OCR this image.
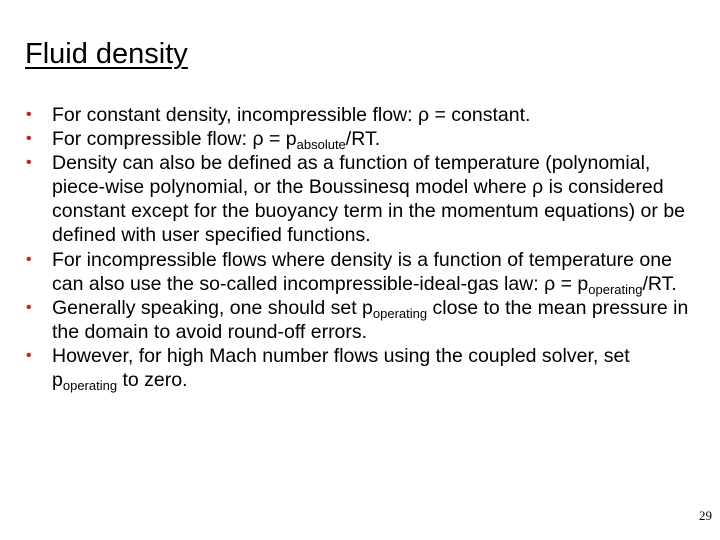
Fluid density
• For constant density, incompressible flow: ρ = constant.
• For compressible flow: $\rho = p_{absolute}/RT$.
• Density can also be defined as a function of temperature (polynomial, piece-wise polynomial, or the Boussinesq model where ρ is considered constant except for the buoyancy term in the momentum equations) or be defined with user specified functions.
• For incompressible flows where density is a function of temperature one can also use the so-called incompressible-ideal-gas law: $\rho = p_{operating}/RT$.
• Generally speaking, one should set $p_{operating}$ close to the mean pressure in the domain to avoid round-off errors.
• However, for high Mach number flows using the coupled solver, set $p_{operating}$ to zero.
29
